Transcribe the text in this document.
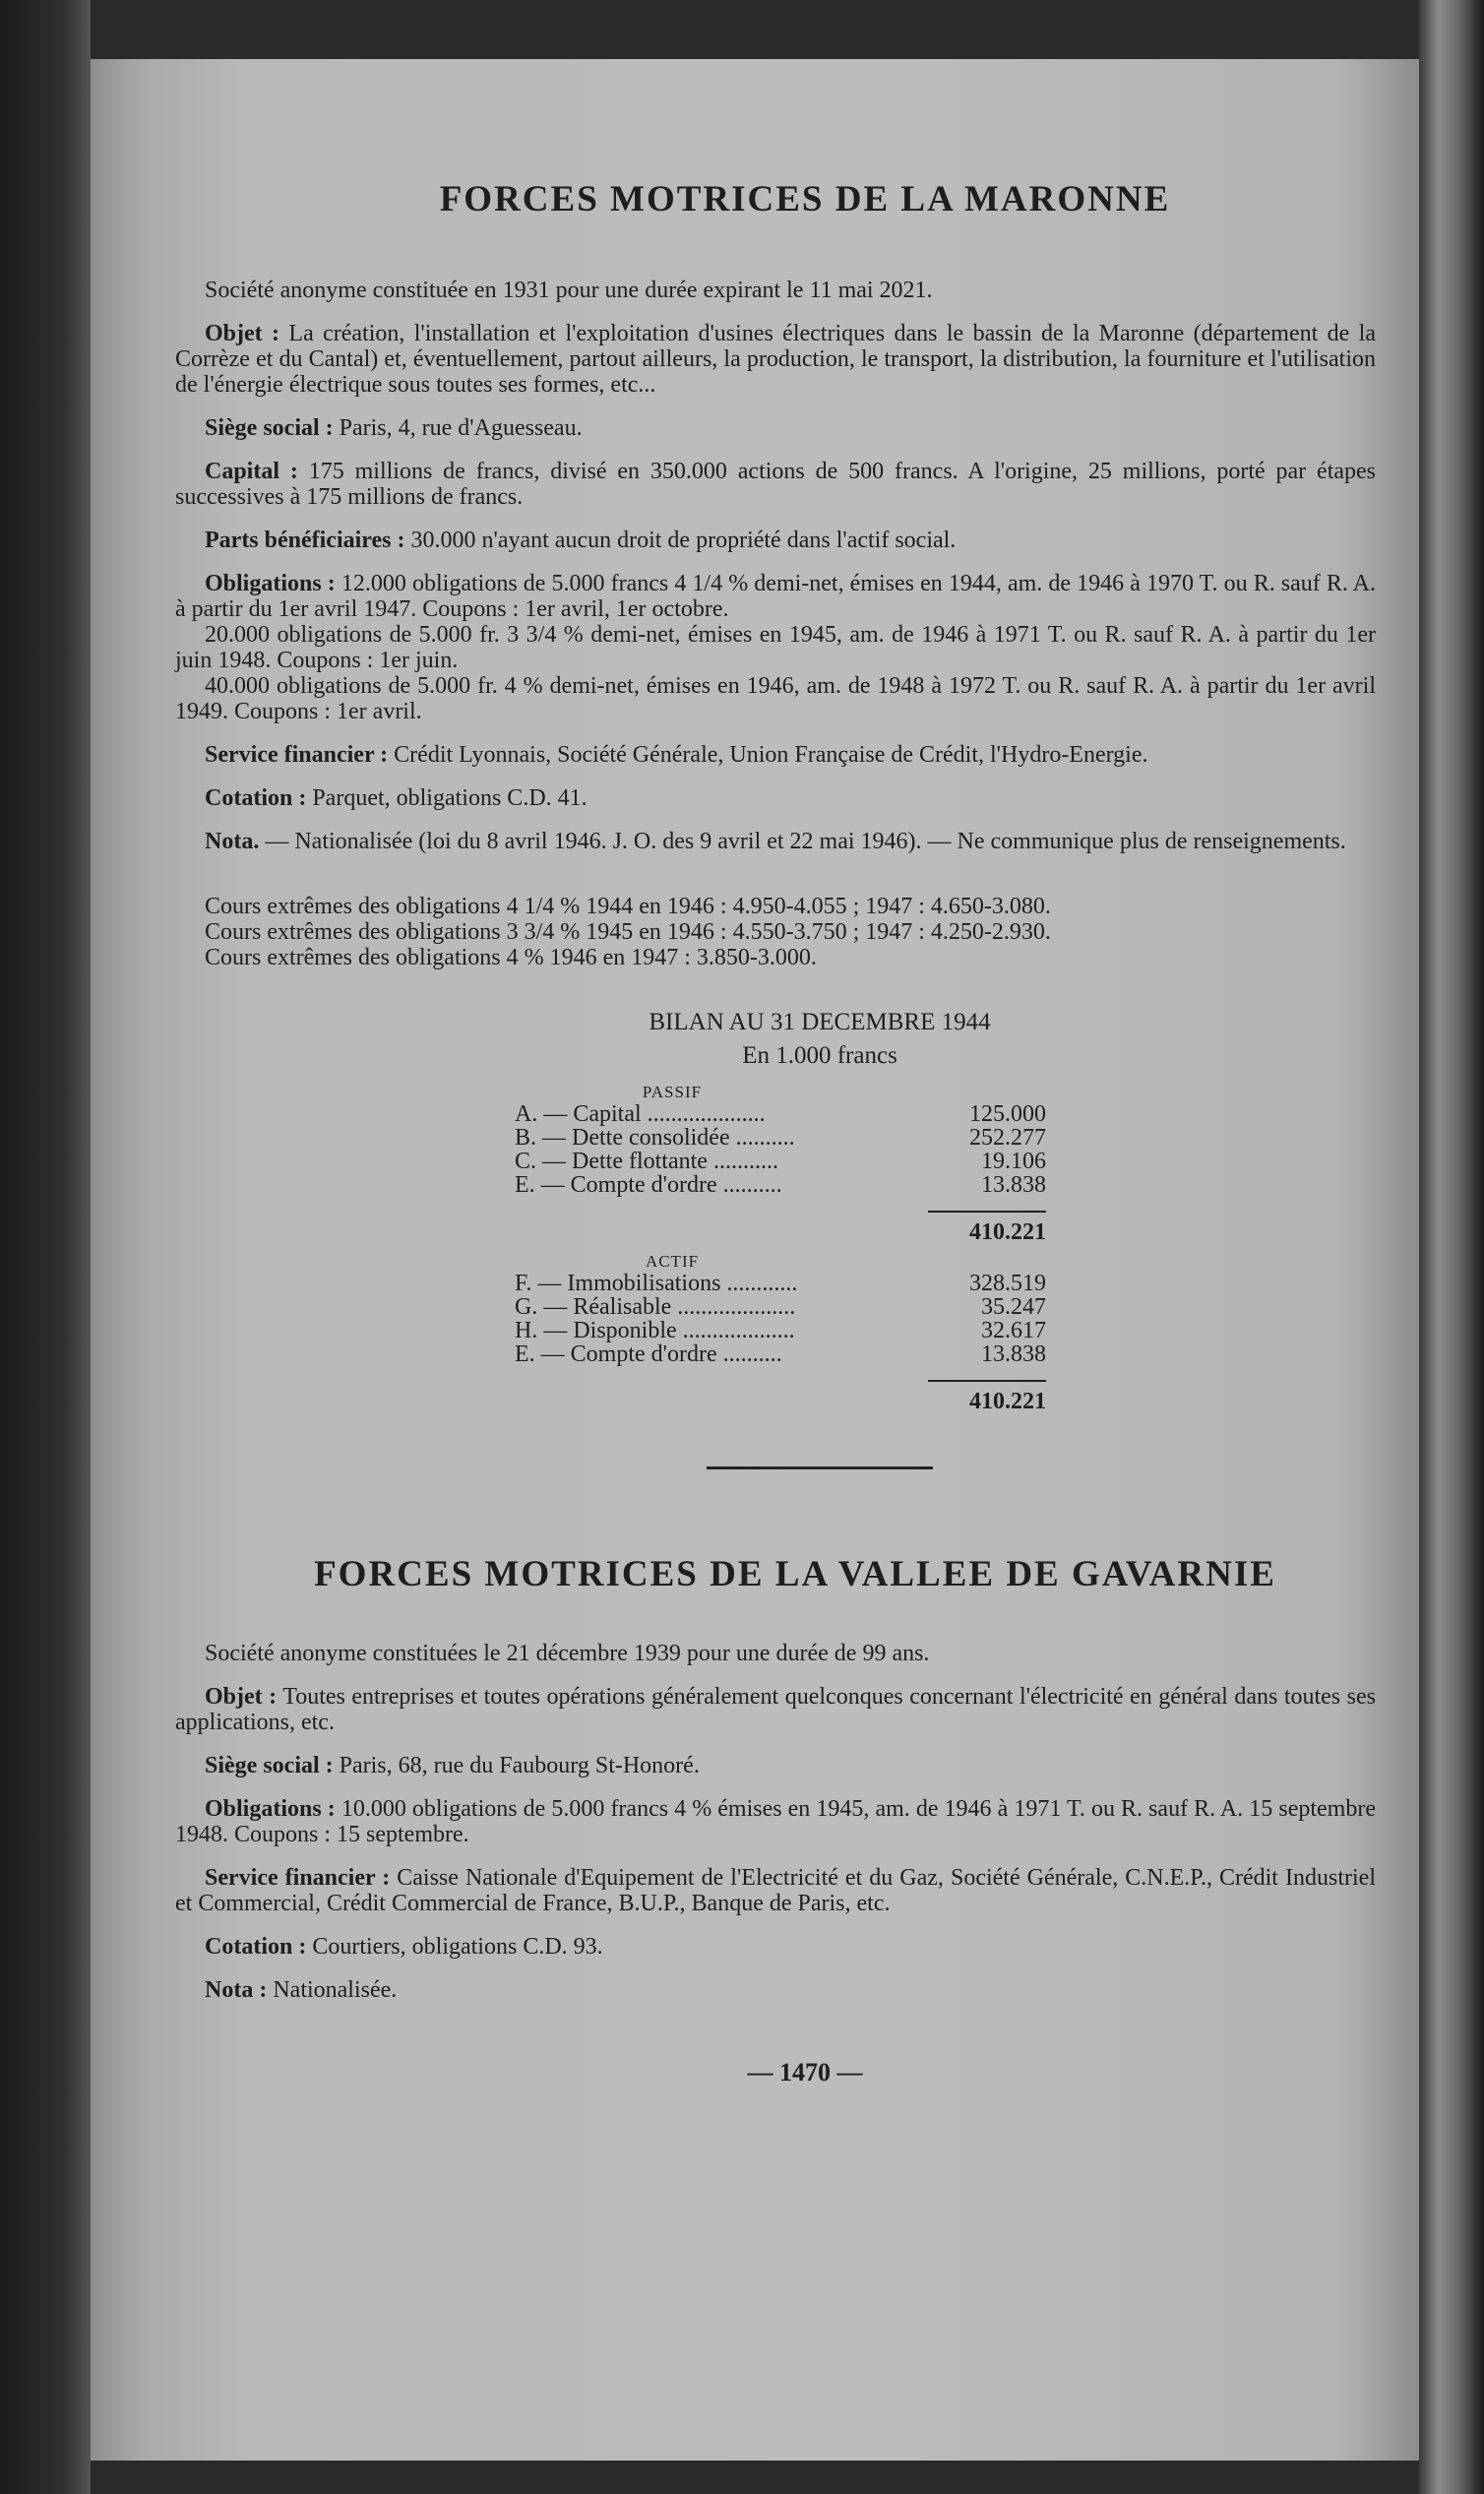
FORCES MOTRICES DE LA MARONNE

Société anonyme constituée en 1931 pour une durée expirant le 11 mai 2021.

Objet : La création, l'installation et l'exploitation d'usines électriques dans le bassin de la Maronne (département de la Corrèze et du Cantal) et, éventuellement, partout ailleurs, la production, le transport, la distribution, la fourniture et l'utilisation de l'énergie électrique sous toutes ses formes, etc...

Siège social : Paris, 4, rue d'Aguesseau.

Capital : 175 millions de francs, divisé en 350.000 actions de 500 francs. A l'origine, 25 millions, porté par étapes successives à 175 millions de francs.

Parts bénéficiaires : 30.000 n'ayant aucun droit de propriété dans l'actif social.

Obligations : 12.000 obligations de 5.000 francs 4 1/4 % demi-net, émises en 1944, am. de 1946 à 1970 T. ou R. sauf R. A. à partir du 1er avril 1947. Coupons : 1er avril, 1er octobre.

20.000 obligations de 5.000 fr. 3 3/4 % demi-net, émises en 1945, am. de 1946 à 1971 T. ou R. sauf R. A. à partir du 1er juin 1948. Coupons : 1er juin.

40.000 obligations de 5.000 fr. 4 % demi-net, émises en 1946, am. de 1948 à 1972 T. ou R. sauf R. A. à partir du 1er avril 1949. Coupons : 1er avril.

Service financier : Crédit Lyonnais, Société Générale, Union Française de Crédit, l'Hydro-Energie.

Cotation : Parquet, obligations C.D. 41.

Nota. — Nationalisée (loi du 8 avril 1946. J. O. des 9 avril et 22 mai 1946). — Ne communique plus de renseignements.

Cours extrêmes des obligations 4 1/4 % 1944 en 1946 : 4.950-4.055 ; 1947 : 4.650-3.080.

Cours extrêmes des obligations 3 3/4 % 1945 en 1946 : 4.550-3.750 ; 1947 : 4.250-2.930.

Cours extrêmes des obligations 4 % 1946 en 1947 : 3.850-3.000.

BILAN AU 31 DECEMBRE 1944
En 1.000 francs
PASSIF
A. — Capital ....................	125.000
B. — Dette consolidée ..........	252.277
C. — Dette flottante ...........	19.106
E. — Compte d'ordre ..........	13.838
410.221
ACTIF
F. — Immobilisations ............	328.519
G. — Réalisable ....................	35.247
H. — Disponible ...................	32.617
E. — Compte d'ordre ..........	13.838
410.221
FORCES MOTRICES DE LA VALLEE DE GAVARNIE

Société anonyme constituées le 21 décembre 1939 pour une durée de 99 ans.

Objet : Toutes entreprises et toutes opérations généralement quelconques concernant l'électricité en général dans toutes ses applications, etc.

Siège social : Paris, 68, rue du Faubourg St-Honoré.

Obligations : 10.000 obligations de 5.000 francs 4 % émises en 1945, am. de 1946 à 1971 T. ou R. sauf R. A. 15 septembre 1948. Coupons : 15 septembre.

Service financier : Caisse Nationale d'Equipement de l'Electricité et du Gaz, Société Générale, C.N.E.P., Crédit Industriel et Commercial, Crédit Commercial de France, B.U.P., Banque de Paris, etc.

Cotation : Courtiers, obligations C.D. 93.

Nota : Nationalisée.

— 1470 —
